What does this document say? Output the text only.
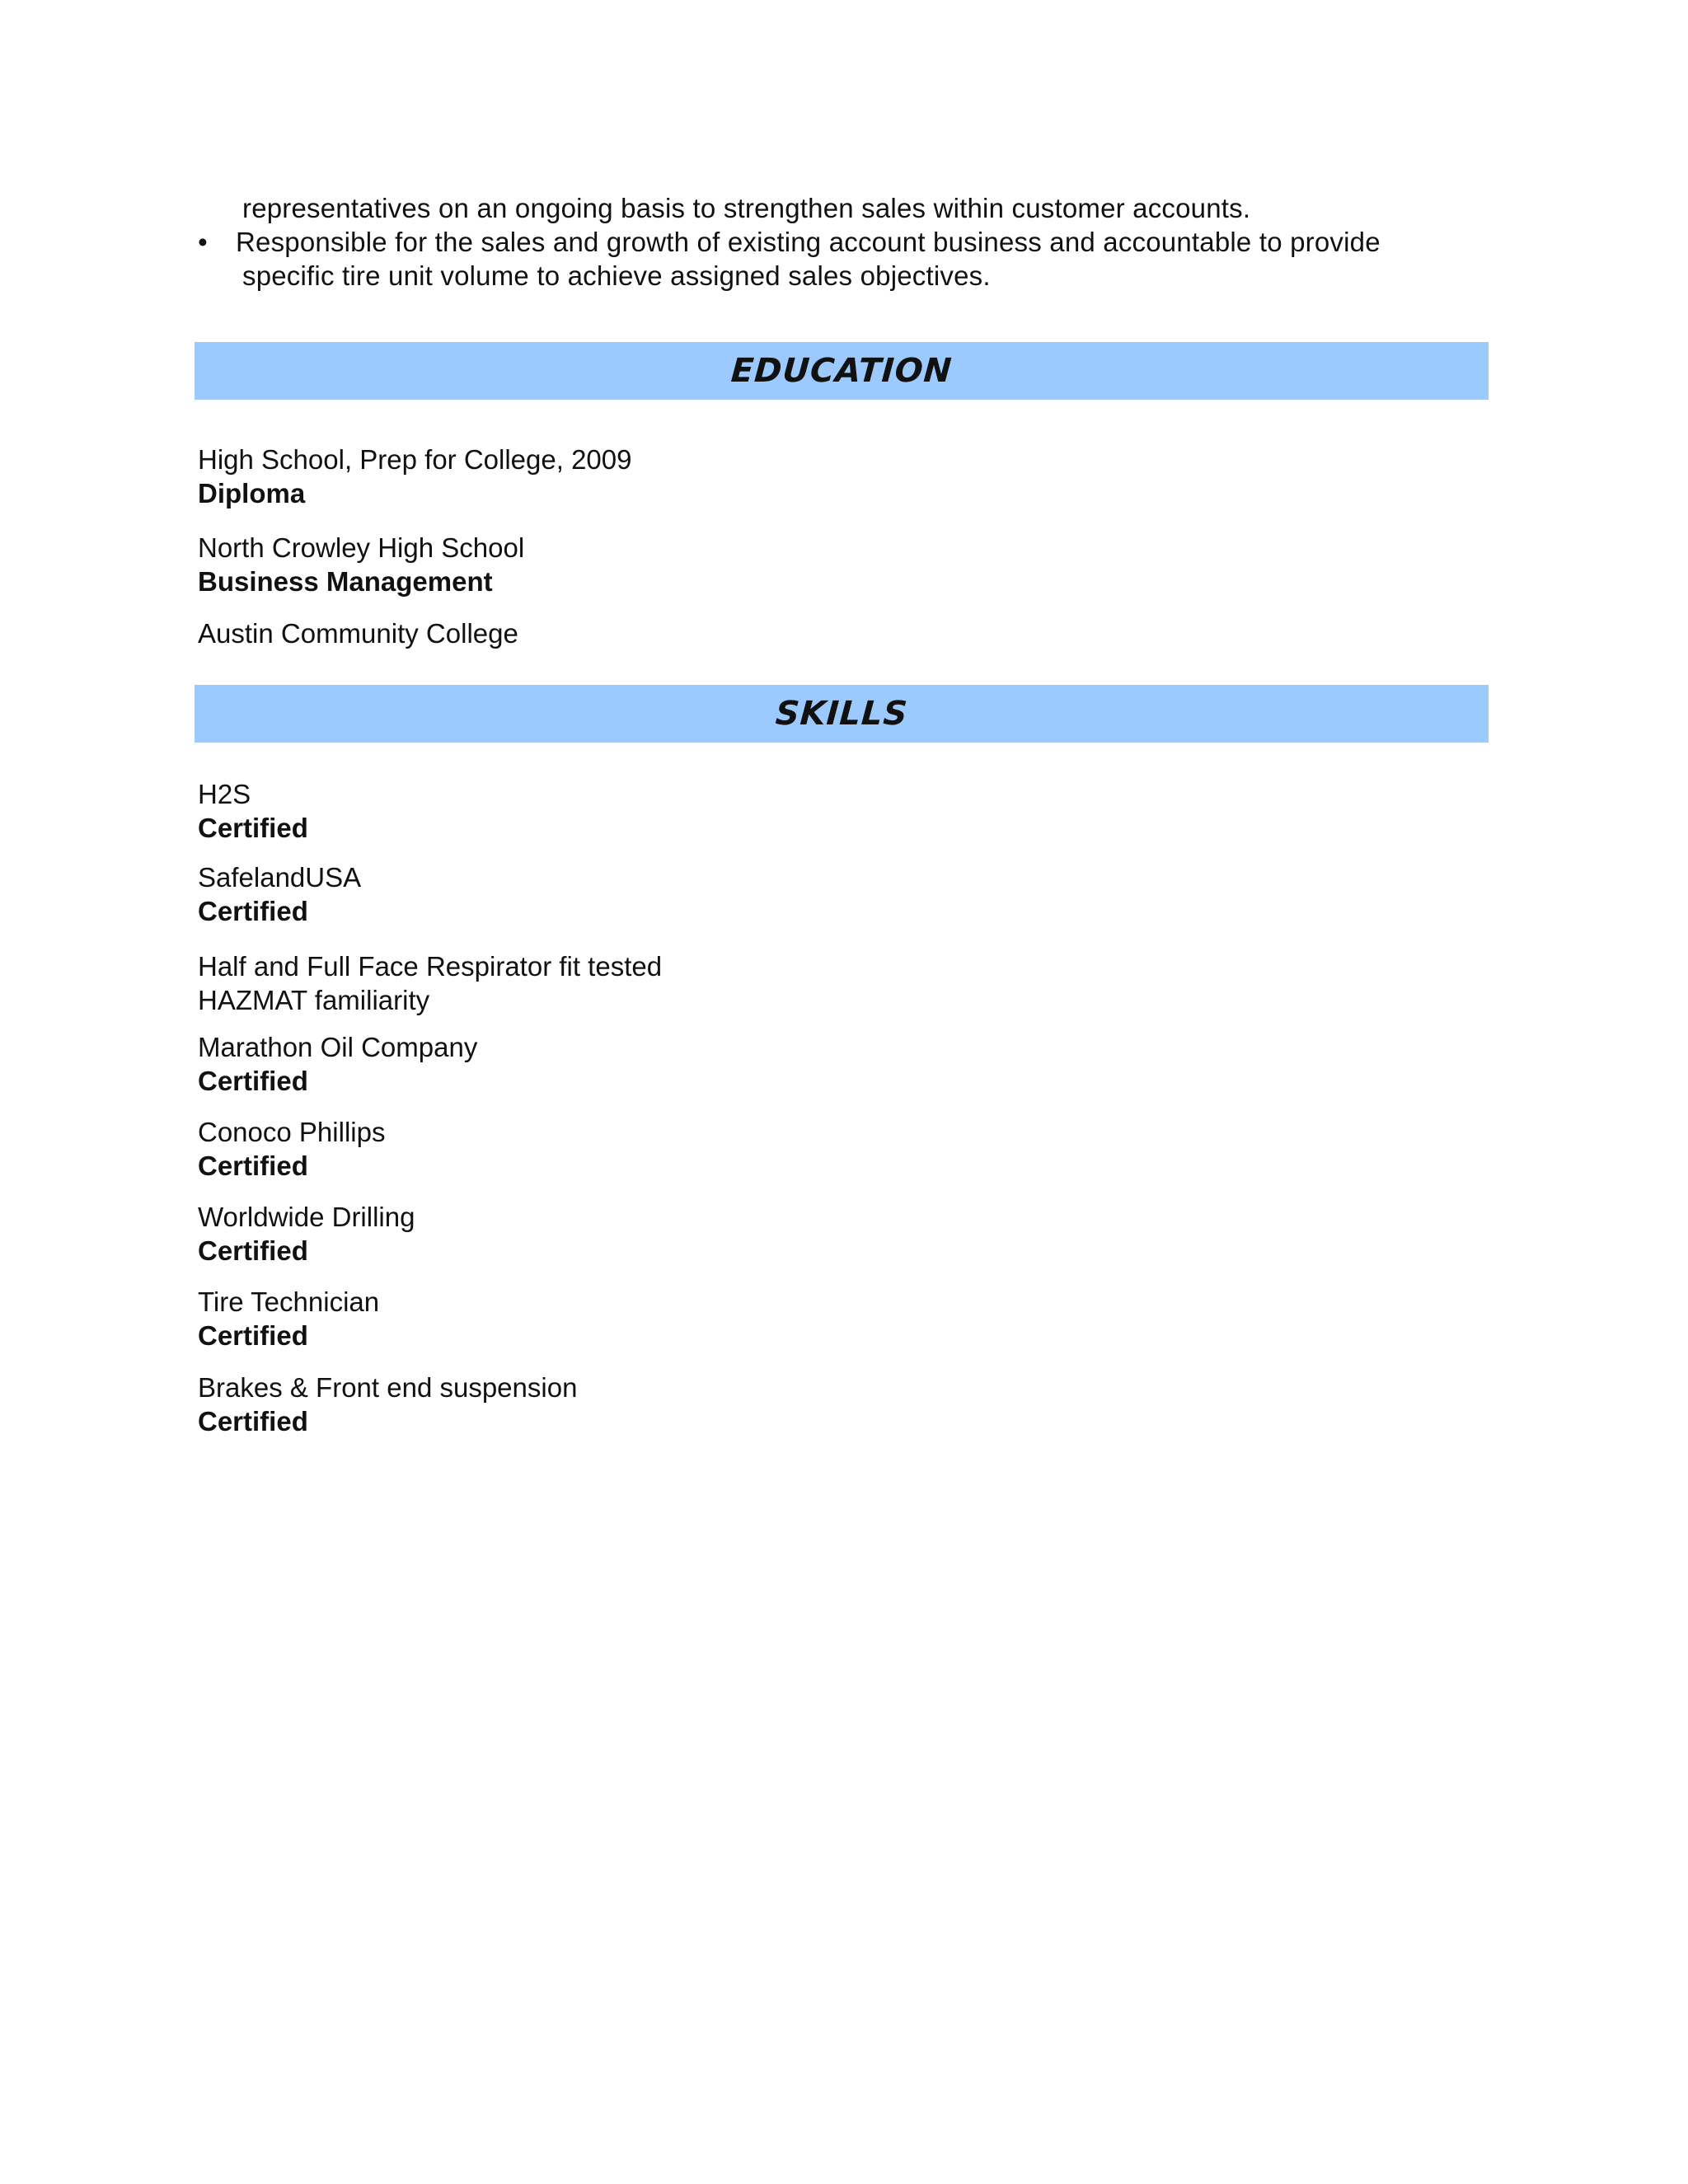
representatives on an ongoing basis to strengthen sales within customer accounts.
• Responsible for the sales and growth of existing account business and accountable to provide
specific tire unit volume to achieve assigned sales objectives.
EDUCATION
High School, Prep for College, 2009
Diploma
North Crowley High School
Business Management
Austin Community College
SKILLS
H2S
Certified
SafelandUSA
Certified
Half and Full Face Respirator fit tested
HAZMAT familiarity
Marathon Oil Company
Certified
Conoco Phillips
Certified
Worldwide Drilling
Certified
Tire Technician
Certified
Brakes & Front end suspension
Certified
